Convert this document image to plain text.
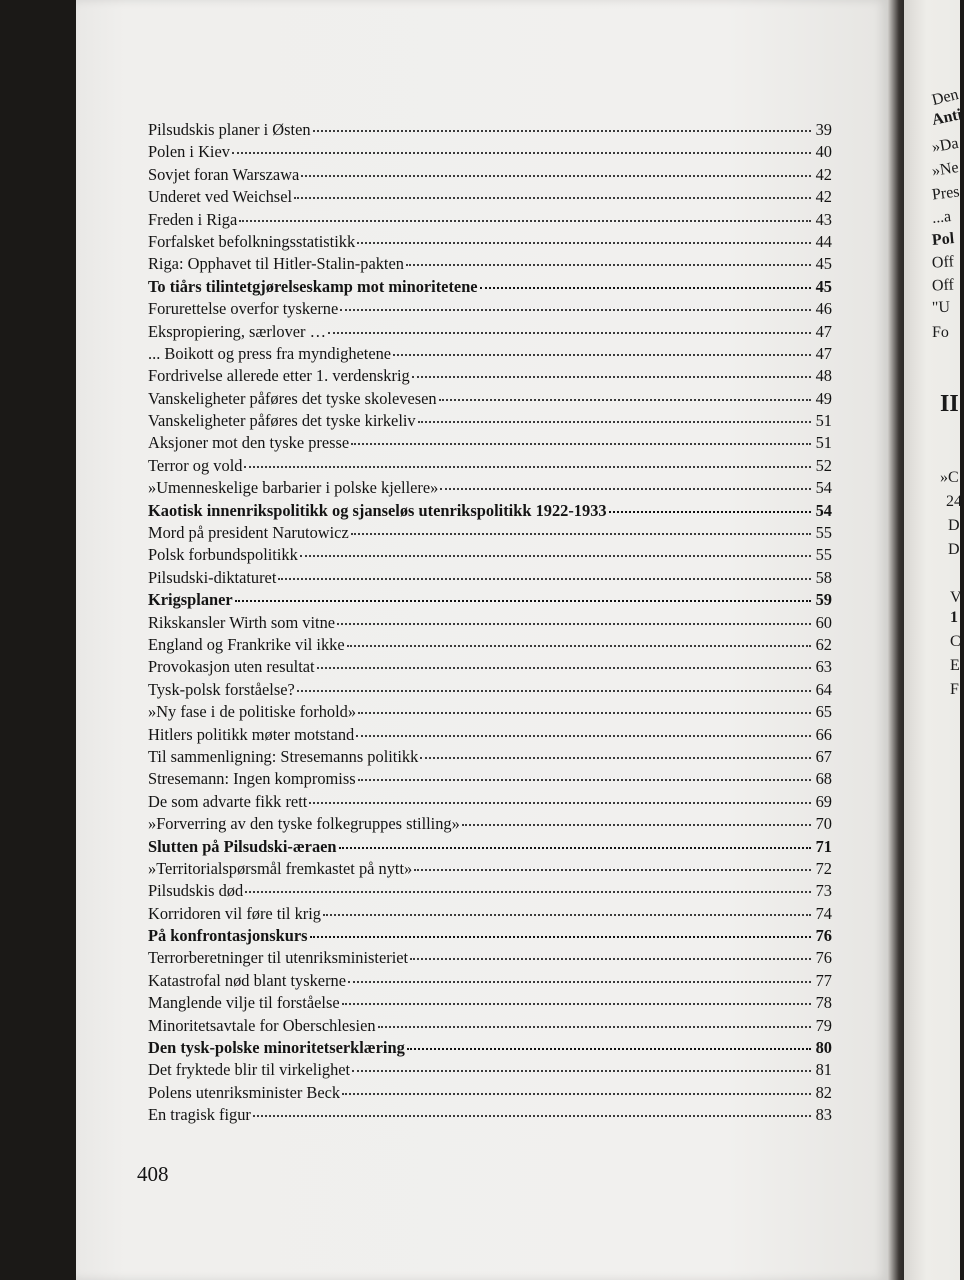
Den
Anti
»Da
»Ne
Pres
...a
Pol
Off
Off
"U
Fo
II
»C
24
D
D
V
1
C
E
F
Pilsudskis planer i Østen	39
Polen i Kiev	40
Sovjet foran Warszawa	42
Underet ved Weichsel	42
Freden i Riga	43
Forfalsket befolkningsstatistikk	44
Riga: Opphavet til Hitler-Stalin-pakten	45
To tiårs tilintetgjørelseskamp mot minoritetene	45
Forurettelse overfor tyskerne	46
Ekspropiering, særlover …	47
... Boikott og press fra myndighetene	47
Fordrivelse allerede etter 1. verdenskrig	48
Vanskeligheter påføres det tyske skolevesen	49
Vanskeligheter påføres det tyske kirkeliv	51
Aksjoner mot den tyske presse	51
Terror og vold	52
»Umenneskelige barbarier i polske kjellere»	54
Kaotisk innenrikspolitikk og sjanseløs utenrikspolitikk 1922-1933	54
Mord på president Narutowicz	55
Polsk forbundspolitikk	55
Pilsudski-diktaturet	58
Krigsplaner	59
Rikskansler Wirth som vitne	60
England og Frankrike vil ikke	62
Provokasjon uten resultat	63
Tysk-polsk forståelse?	64
»Ny fase i de politiske forhold»	65
Hitlers politikk møter motstand	66
Til sammenligning: Stresemanns politikk	67
Stresemann: Ingen kompromiss	68
De som advarte fikk rett	69
»Forverring av den tyske folkegruppes stilling»	70
Slutten på Pilsudski-æraen	71
»Territorialspørsmål fremkastet på nytt»	72
Pilsudskis død	73
Korridoren vil føre til krig	74
På konfrontasjonskurs	76
Terrorberetninger til utenriksministeriet	76
Katastrofal nød blant tyskerne	77
Manglende vilje til forståelse	78
Minoritetsavtale for Oberschlesien	79
Den tysk-polske minoritetserklæring	80
Det fryktede blir til virkelighet	81
Polens utenriksminister Beck	82
En tragisk figur	83
408
